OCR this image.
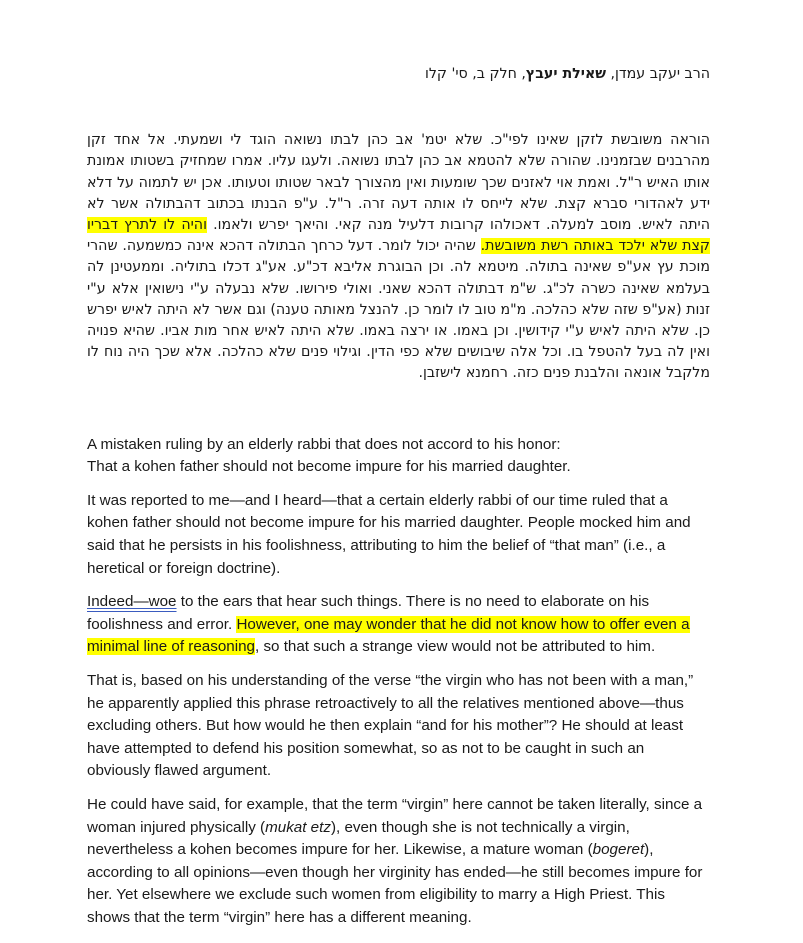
הרב יעקב עמדן, שאילת יעבץ, חלק ב, סי' קלו
הוראה משובשת לזקן שאינו לפי"כ. שלא יטמ' אב כהן לבתו נשואה הוגד לי ושמעתי. אל אחד זקן מהרבנים שבזמנינו. שהורה שלא להטמא אב כהן לבתו נשואה. ולעגו עליו. אמרו שמחזיק בשטותו אמונת אותו האיש ר"ל. ואמת אוי לאזנים שכך שומעות ואין מהצורך לבאר שטותו וטעותו. אכן יש לתמוה על דלא ידע לאהדורי סברא קצת. שלא לייחס לו אותה דעה זרה. ר"ל. ע"פ הבנתו בכתוב דהבתולה אשר לא היתה לאיש. מוסב למעלה. דאכולהו קרובות דלעיל מנה קאי. והיאך יפרש ולאמו. והיה לו לתרץ דבריו קצת שלא ילכד באותה רשת משובשת. שהיה יכול לומר. דעל כרחך הבתולה דהכא אינה כמשמעה. שהרי מוכת עץ אע"פ שאינה בתולה. מיטמא לה. וכן הבוגרת אליבא דכ"ע. אע"ג דכלו בתוליה. וממעטינן לה בעלמא שאינה כשרה לכ"ג. ש"מ דבתולה דהכא שאני. ואולי פירושו. שלא נבעלה ע"י נישואין אלא ע"י זנות (אע"פ שזה שלא כהלכה. מ"מ טוב לו לומר כן. להנצל מאותה טענה) וגם אשר לא היתה לאיש יפרש כן. שלא היתה לאיש ע"י קידושין. וכן באמו. או ירצה באמו. שלא היתה לאיש אחר מות אביו. שהיא פנויה ואין לה בעל להטפל בו. וכל אלה שיבושים שלא כפי הדין. וגילוי פנים שלא כהלכה. אלא שכך היה נוח לו מלקבל אונאה והלבנת פנים כזה. רחמנא לישזבן.

A mistaken ruling by an elderly rabbi that does not accord to his honor:
That a kohen father should not become impure for his married daughter.

It was reported to me—and I heard—that a certain elderly rabbi of our time ruled that a kohen father should not become impure for his married daughter. People mocked him and said that he persists in his foolishness, attributing to him the belief of “that man” (i.e., a heretical or foreign doctrine).

Indeed—woe to the ears that hear such things. There is no need to elaborate on his foolishness and error. However, one may wonder that he did not know how to offer even a minimal line of reasoning, so that such a strange view would not be attributed to him.

That is, based on his understanding of the verse “the virgin who has not been with a man,” he apparently applied this phrase retroactively to all the relatives mentioned above—thus excluding others. But how would he then explain “and for his mother”? He should at least have attempted to defend his position somewhat, so as not to be caught in such an obviously flawed argument.

He could have said, for example, that the term “virgin” here cannot be taken literally, since a woman injured physically (mukat etz), even though she is not technically a virgin, nevertheless a kohen becomes impure for her. Likewise, a mature woman (bogeret), according to all opinions—even though her virginity has ended—he still becomes impure for her. Yet elsewhere we exclude such women from eligibility to marry a High Priest. This shows that the term “virgin” here has a different meaning.
